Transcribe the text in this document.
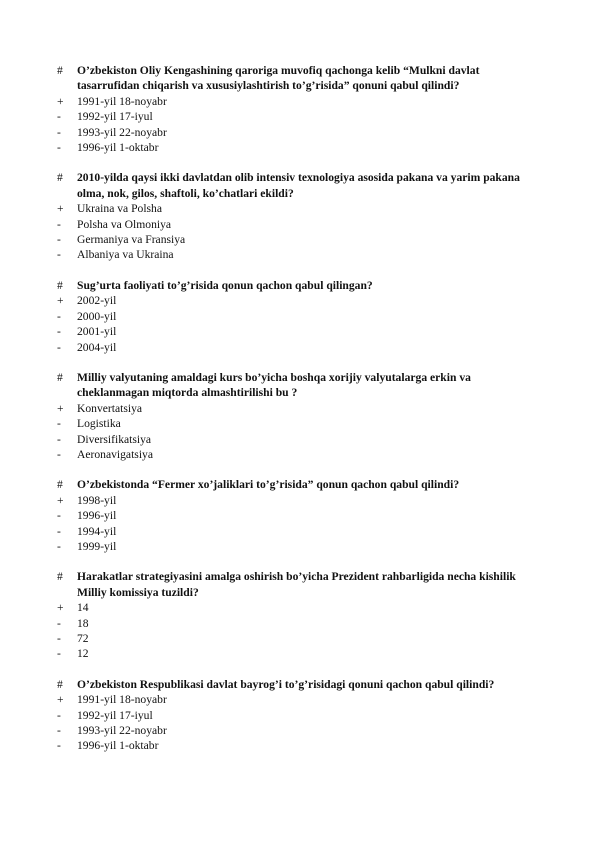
#	O’zbekiston Oliy Kengashining qaroriga muvofiq qachonga kelib “Mulkni davlat tasarrufidan chiqarish va xususiylashtirish to’g’risida” qonuni qabul qilindi?
+	1991-yil 18-noyabr
-	1992-yil 17-iyul
-	1993-yil 22-noyabr
-	1996-yil 1-oktabr
#	2010-yilda qaysi ikki davlatdan olib intensiv texnologiya asosida pakana va yarim pakana olma, nok, gilos, shaftoli, ko’chatlari ekildi?
+	Ukraina va Polsha
-	Polsha va Olmoniya
-	Germaniya va Fransiya
-	Albaniya va Ukraina
#	Sug’urta faoliyati to’g’risida qonun qachon qabul qilingan?
+	2002-yil
-	2000-yil
-	2001-yil
-	2004-yil
#	Milliy valyutaning amaldagi kurs bo’yicha boshqa xorijiy valyutalarga erkin va cheklanmagan miqtorda almashtirilishi bu ?
+	Konvertatsiya
-	Logistika
-	Diversifikatsiya
-	Aeronavigatsiya
#	O’zbekistonda “Fermer xo’jaliklari to’g’risida” qonun qachon qabul qilindi?
+	1998-yil
-	1996-yil
-	1994-yil
-	1999-yil
#	Harakatlar strategiyasini amalga oshirish bo’yicha Prezident rahbarligida necha kishilik Milliy komissiya tuzildi?
+	14
-	18
-	72
-	12
#	O’zbekiston Respublikasi davlat bayrog’i to’g’risidagi qonuni qachon qabul qilindi?
+	1991-yil 18-noyabr
-	1992-yil 17-iyul
-	1993-yil 22-noyabr
-	1996-yil 1-oktabr
